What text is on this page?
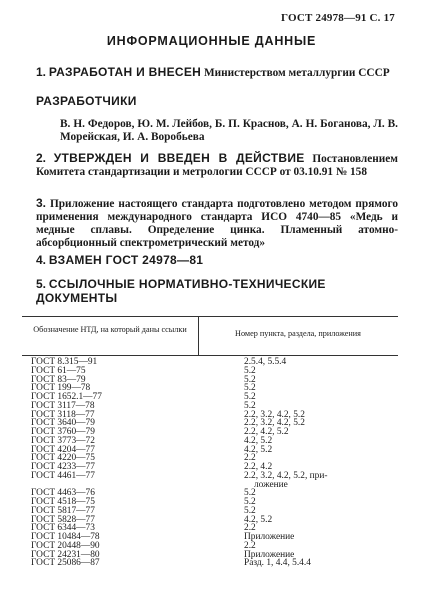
ГОСТ 24978—91 С. 17
ИНФОРМАЦИОННЫЕ ДАННЫЕ
1. РАЗРАБОТАН И ВНЕСЕН Министерством металлургии СССР
РАЗРАБОТЧИКИ
В. Н. Федоров, Ю. М. Лейбов, Б. П. Краснов, А. Н. Боганова, Л. В. Морейская, И. А. Воробьева
2. УТВЕРЖДЕН И ВВЕДЕН В ДЕЙСТВИЕ Постановлением Комитета стандартизации и метрологии СССР от 03.10.91 № 158
3. Приложение настоящего стандарта подготовлено методом прямого применения международного стандарта ИСО 4740—85 «Медь и медные сплавы. Определение цинка. Пламенный атомно-абсорбционный спектрометрический метод»
4. ВЗАМЕН ГОСТ 24978—81
5. ССЫЛОЧНЫЕ НОРМАТИВНО-ТЕХНИЧЕСКИЕ ДОКУМЕНТЫ
Обозначение НТД, на который даны ссылки	Номер пункта, раздела, приложения
ГОСТ 8.315—91	2.5.4, 5.5.4
ГОСТ 61—75	5.2
ГОСТ 83—79	5.2
ГОСТ 199—78	5.2
ГОСТ 1652.1—77	5.2
ГОСТ 3117—78	5.2
ГОСТ 3118—77	2.2, 3.2, 4.2, 5.2
ГОСТ 3640—79	2.2, 3.2, 4.2, 5.2
ГОСТ 3760—79	2.2, 4.2, 5.2
ГОСТ 3773—72	4.2, 5.2
ГОСТ 4204—77	4.2, 5.2
ГОСТ 4220—75	2.2
ГОСТ 4233—77	2.2, 4.2
ГОСТ 4461—77	2.2, 3.2, 4.2, 5.2, при-
ложение
ГОСТ 4463—76	5.2
ГОСТ 4518—75	5.2
ГОСТ 5817—77	5.2
ГОСТ 5828—77	4.2, 5.2
ГОСТ 6344—73	2.2
ГОСТ 10484—78	Приложение
ГОСТ 20448—90	2.2
ГОСТ 24231—80	Приложение
ГОСТ 25086—87	Разд. 1, 4.4, 5.4.4
